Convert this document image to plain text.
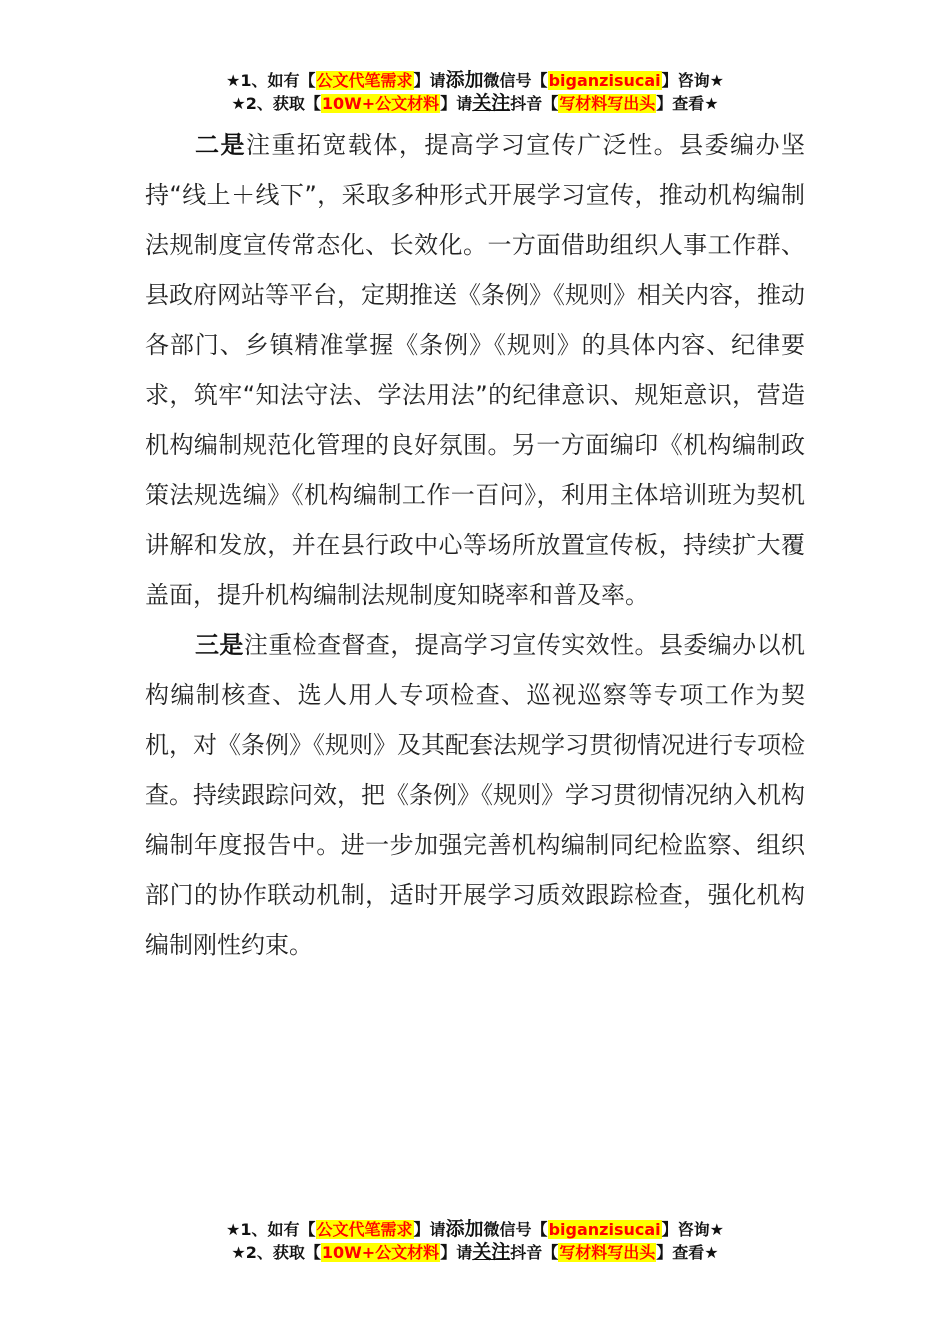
★1、如有【公文代笔需求】请添加微信号【biganzisucai】咨询★
★2、获取【10W+公文材料】请关注抖音【写材料写出头】查看★

二是注重拓宽载体，提高学习宣传广泛性。县委编办坚持“线上＋线下”，采取多种形式开展学习宣传，推动机构编制法规制度宣传常态化、长效化。一方面借助组织人事工作群、县政府网站等平台，定期推送《条例》《规则》相关内容，推动各部门、乡镇精准掌握《条例》《规则》的具体内容、纪律要求，筑牢“知法守法、学法用法”的纪律意识、规矩意识，营造机构编制规范化管理的良好氛围。另一方面编印《机构编制政策法规选编》《机构编制工作一百问》，利用主体培训班为契机讲解和发放，并在县行政中心等场所放置宣传板，持续扩大覆盖面，提升机构编制法规制度知晓率和普及率。

三是注重检查督查，提高学习宣传实效性。县委编办以机构编制核查、选人用人专项检查、巡视巡察等专项工作为契机，对《条例》《规则》及其配套法规学习贯彻情况进行专项检查。持续跟踪问效，把《条例》《规则》学习贯彻情况纳入机构编制年度报告中。进一步加强完善机构编制同纪检监察、组织部门的协作联动机制，适时开展学习质效跟踪检查，强化机构编制刚性约束。

★1、如有【公文代笔需求】请添加微信号【biganzisucai】咨询★
★2、获取【10W+公文材料】请关注抖音【写材料写出头】查看★
